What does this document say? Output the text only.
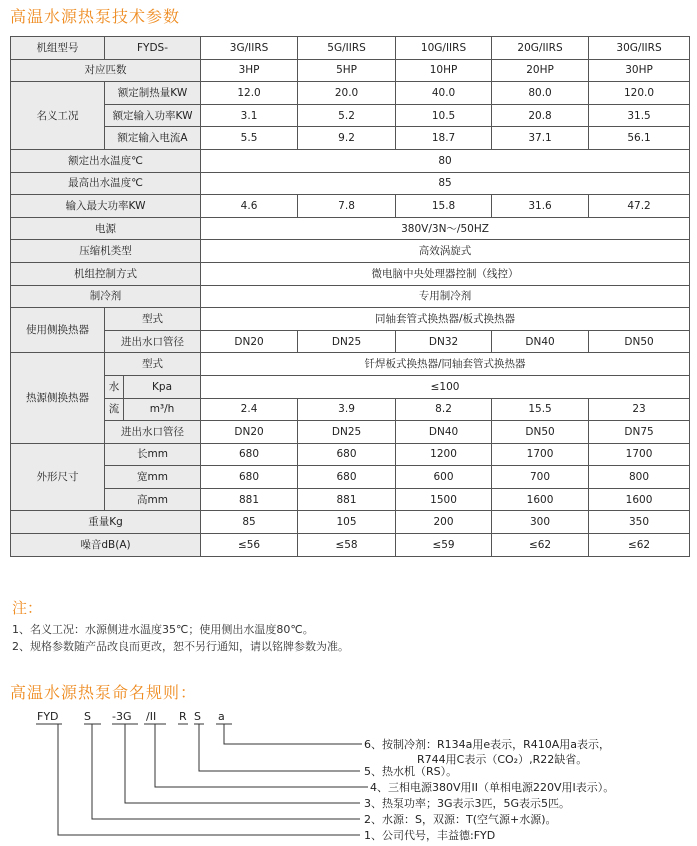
高温水源热泵技术参数
机组型号	FYDS-		3G/IIRS	5G/IIRS	10G/IIRS	20G/IIRS	30G/IIRS
对应匹数			3HP	5HP	10HP	20HP	30HP
名义工况	额定制热量KW		12.0	20.0	40.0	80.0	120.0
	额定输入功率KW		3.1	5.2	10.5	20.8	31.5
	额定输入电流A		5.5	9.2	18.7	37.1	56.1
额定出水温度℃			80				
最高出水温度℃			85				
输入最大功率KW			4.6	7.8	15.8	31.6	47.2
电源			380V/3N～/50HZ				
压缩机类型			高效涡旋式				
机组控制方式			微电脑中央处理器控制（线控）				
制冷剂			专用制冷剂				
使用侧换热器	型式		同轴套管式换热器/板式换热器				
	进出水口管径		DN20	DN25	DN32	DN40	DN50
热源侧换热器	型式		钎焊板式换热器/同轴套管式换热器				
	水	Kpa	≤100				
	流	m³/h	2.4	3.9	8.2	15.5	23
	进出水口管径		DN20	DN25	DN40	DN50	DN75
外形尺寸	长mm		680	680	1200	1700	1700
	宽mm		680	680	600	700	800
	高mm		881	881	1500	1600	1600
重量Kg			85	105	200	300	350
噪音dB(A)			≤56	≤58	≤59	≤62	≤62
注：
1、名义工况：水源侧进水温度35℃；使用侧出水温度80℃。
2、规格参数随产品改良而更改，恕不另行通知，请以铭牌参数为准。
高温水源热泵命名规则：
FYD S -3G /II R S a
6、按制冷剂：R134a用e表示，R410A用a表示，
R744用C表示（CO₂）,R22缺省。
5、热水机（RS）。
4、三相电源380V用II（单相电源220V用I表示）。
3、热泵功率；3G表示3匹，5G表示5匹。
2、水源：S，双源：T(空气源+水源)。
1、公司代号，丰益德:FYD
